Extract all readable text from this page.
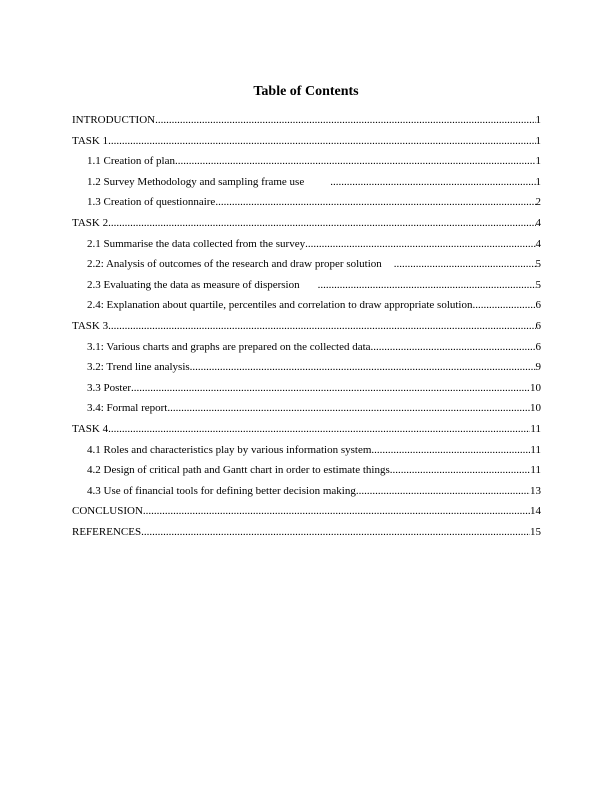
Table of Contents
INTRODUCTION .....	1
TASK 1 .....	1
1.1 Creation of plan .....	1
1.2 Survey Methodology and sampling frame use .....	1
1.3 Creation of questionnaire .....	2
TASK 2 .....	4
2.1 Summarise the data collected from the survey .....	4
2.2: Analysis of outcomes of the research and draw proper solution .....	5
2.3 Evaluating the data as measure of dispersion .....	5
2.4: Explanation about quartile, percentiles and correlation to draw appropriate solution .....	6
TASK 3 .....	6
3.1: Various charts and graphs are prepared on the collected data .....	6
3.2: Trend line analysis .....	9
3.3 Poster .....	10
3.4: Formal report .....	10
TASK 4 .....	11
4.1 Roles and characteristics play by various information system .....	11
4.2 Design of critical path and Gantt chart in order to estimate things .....	11
4.3 Use of financial tools for defining better decision making .....	13
CONCLUSION .....	14
REFERENCES .....	15
